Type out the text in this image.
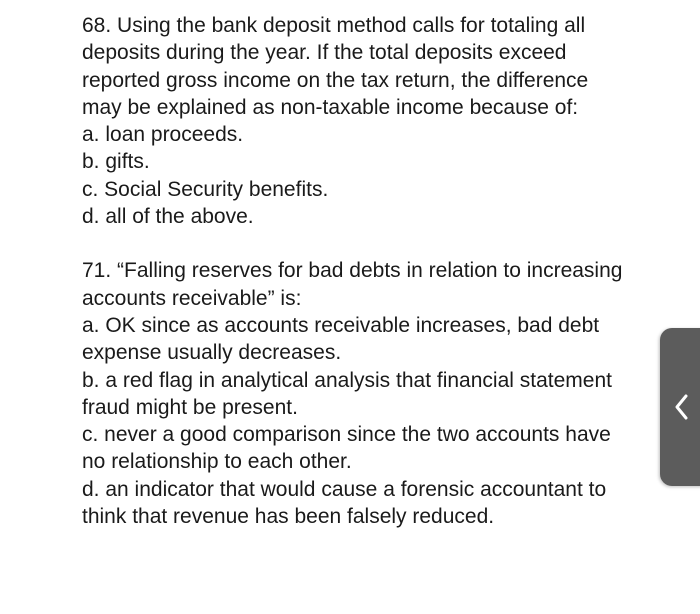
68. Using the bank deposit method calls for totaling all deposits during the year. If the total deposits exceed reported gross income on the tax return, the difference may be explained as non-taxable income because of:

a. loan proceeds.
b. gifts.
c. Social Security benefits.
d. all of the above.

71. “Falling reserves for bad debts in relation to increasing accounts receivable” is:

a. OK since as accounts receivable increases, bad debt expense usually decreases.
b. a red flag in analytical analysis that financial statement fraud might be present.
c. never a good comparison since the two accounts have no relationship to each other.
d. an indicator that would cause a forensic accountant to think that revenue has been falsely reduced.
